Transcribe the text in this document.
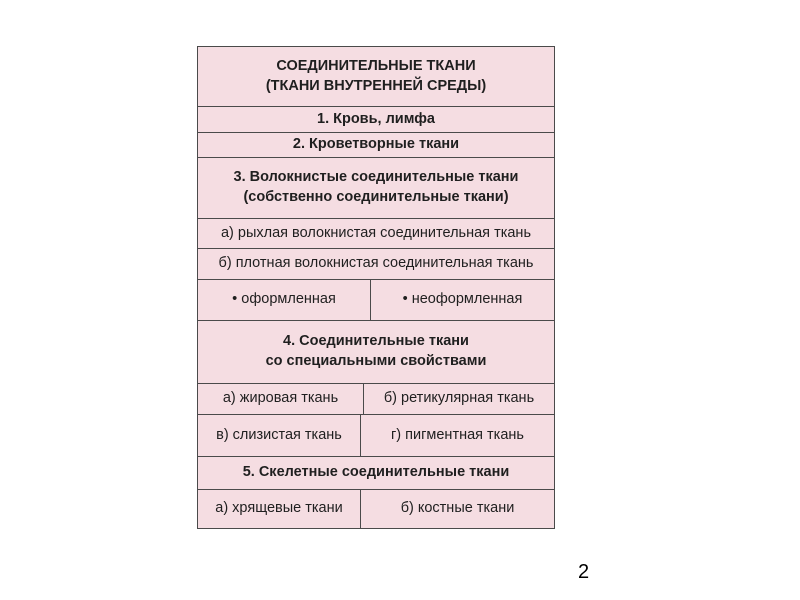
СОЕДИНИТЕЛЬНЫЕ ТКАНИ
(ТКАНИ ВНУТРЕННЕЙ СРЕДЫ)
1. Кровь, лимфа
2. Кроветворные ткани
3. Волокнистые соединительные ткани
(собственно соединительные ткани)
а) рыхлая волокнистая соединительная ткань
б) плотная волокнистая соединительная ткань
• оформленная	• неоформленная
4. Соединительные ткани
со специальными свойствами
а) жировая ткань	б) ретикулярная ткань
в) слизистая ткань	г) пигментная ткань
5. Скелетные соединительные ткани
а) хрящевые ткани	б) костные ткани
2
